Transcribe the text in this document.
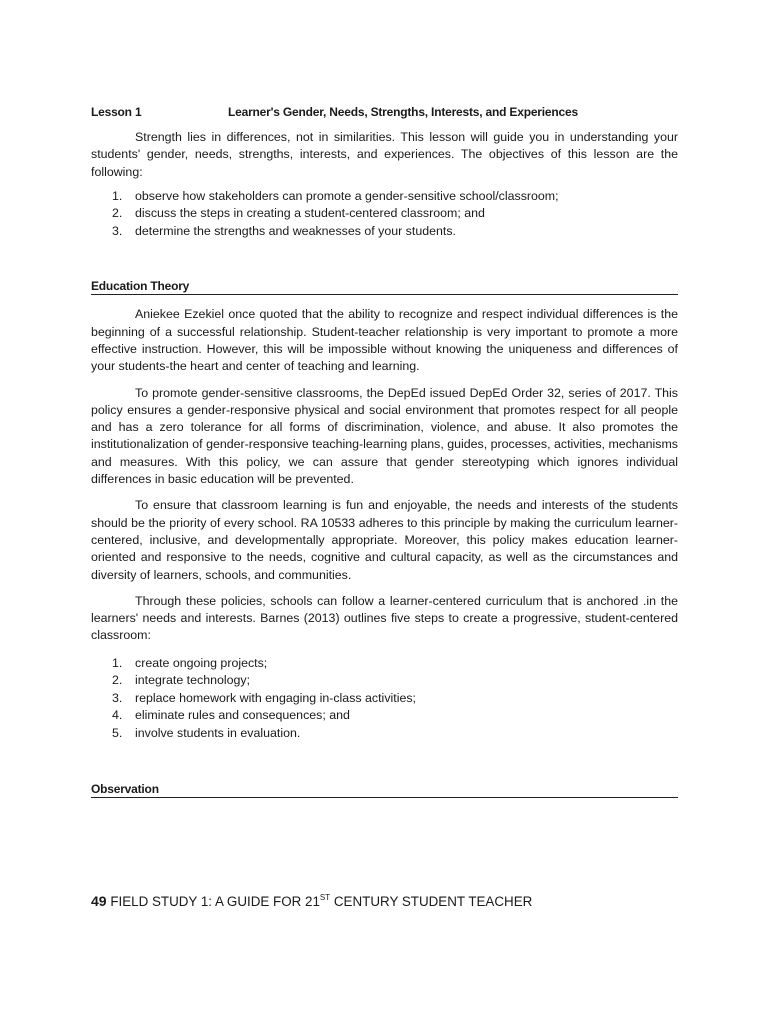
Lesson 1	Learner's Gender, Needs, Strengths, Interests, and Experiences

Strength lies in differences, not in similarities. This lesson will guide you in understanding your students' gender, needs, strengths, interests, and experiences. The objectives of this lesson are the following:

1.	observe how stakeholders can promote a gender-sensitive school/classroom;
2.	discuss the steps in creating a student-centered classroom; and
3.	determine the strengths and weaknesses of your students.
Education Theory

Aniekee Ezekiel once quoted that the ability to recognize and respect individual differences is the beginning of a successful relationship. Student-teacher relationship is very important to promote a more effective instruction. However, this will be impossible without knowing the uniqueness and differences of your students-the heart and center of teaching and learning.

To promote gender-sensitive classrooms, the DepEd issued DepEd Order 32, series of 2017. This policy ensures a gender-responsive physical and social environment that promotes respect for all people and has a zero tolerance for all forms of discrimination, violence, and abuse. It also promotes the institutionalization of gender-responsive teaching-learning plans, guides, processes, activities, mechanisms and measures. With this policy, we can assure that gender stereotyping which ignores individual differences in basic education will be prevented.

To ensure that classroom learning is fun and enjoyable, the needs and interests of the students should be the priority of every school. RA 10533 adheres to this principle by making the curriculum learner-centered, inclusive, and developmentally appropriate. Moreover, this policy makes education learner-oriented and responsive to the needs, cognitive and cultural capacity, as well as the circumstances and diversity of learners, schools, and communities.

Through these policies, schools can follow a learner-centered curriculum that is anchored .in the learners' needs and interests. Barnes (2013) outlines five steps to create a progressive, student-centered classroom:

1.	create ongoing projects;
2.	integrate technology;
3.	replace homework with engaging in-class activities;
4.	eliminate rules and consequences; and
5.	involve students in evaluation.
Observation
49 FIELD STUDY 1: A GUIDE FOR 21ST CENTURY STUDENT TEACHER
